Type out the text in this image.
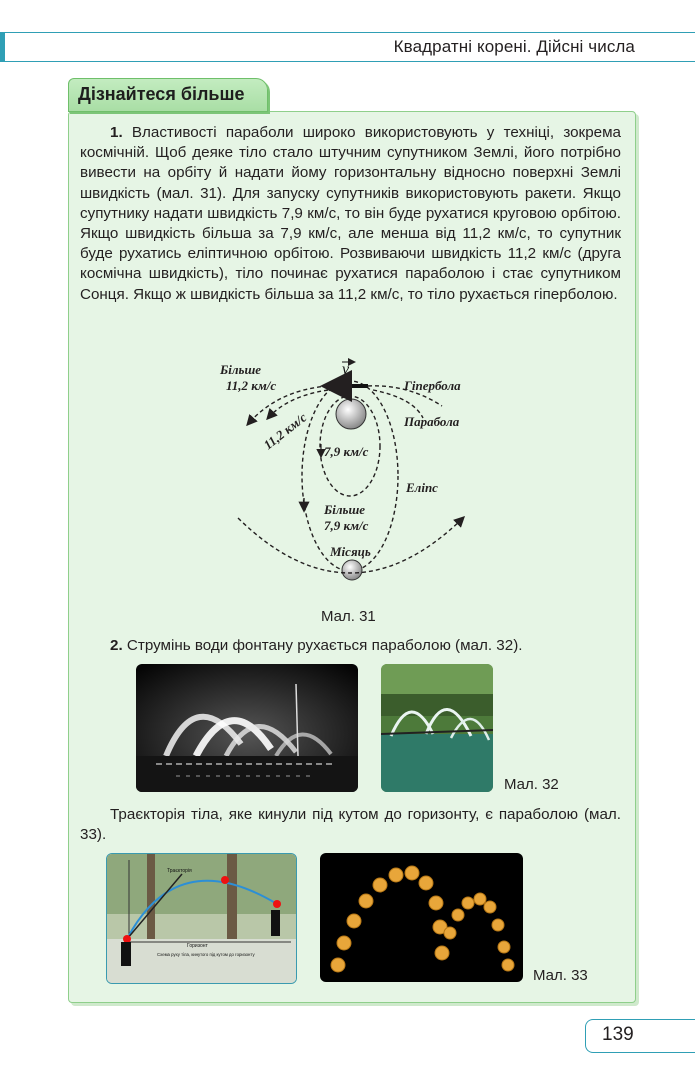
Квадратні корені. Дійсні числа
Дізнайтеся більше
1. Властивості параболи широко використовують у техніці, зокрема космічній. Щоб деяке тіло стало штучним супутником Землі, його потрібно вивести на орбіту й надати йому горизонтальну відносно поверхні Землі швидкість (мал. 31). Для запуску супутників використовують ракети. Якщо супутнику надати швидкість 7,9 км/с, то він буде рухатися круговою орбітою. Якщо швидкість більша за 7,9 км/с, але менша від 11,2 км/с, то супутник буде рухатись еліптичною орбітою. Розвиваючи швидкість 11,2 км/с (друга космічна швидкість), тіло починає рухатися параболою і стає супутником Сонця. Якщо ж швидкість більша за 11,2 км/с, то тіло рухається гіперболою.
v
Більше
11,2 км/с	Гіпербола
Парабола
11,2 км/с 7,9 км/с
Еліпс
Більше
7,9 км/с
Місяць
Мал. 31
2. Струмінь води фонтану рухається параболою (мал. 32).
Мал. 32
Траєкторія тіла, яке кинули під кутом до горизонту, є параболою (мал. 33).
Траєкторія
Горизонт
Схема руху тіла, кинутого під кутом до горизонту
Мал. 33
139
